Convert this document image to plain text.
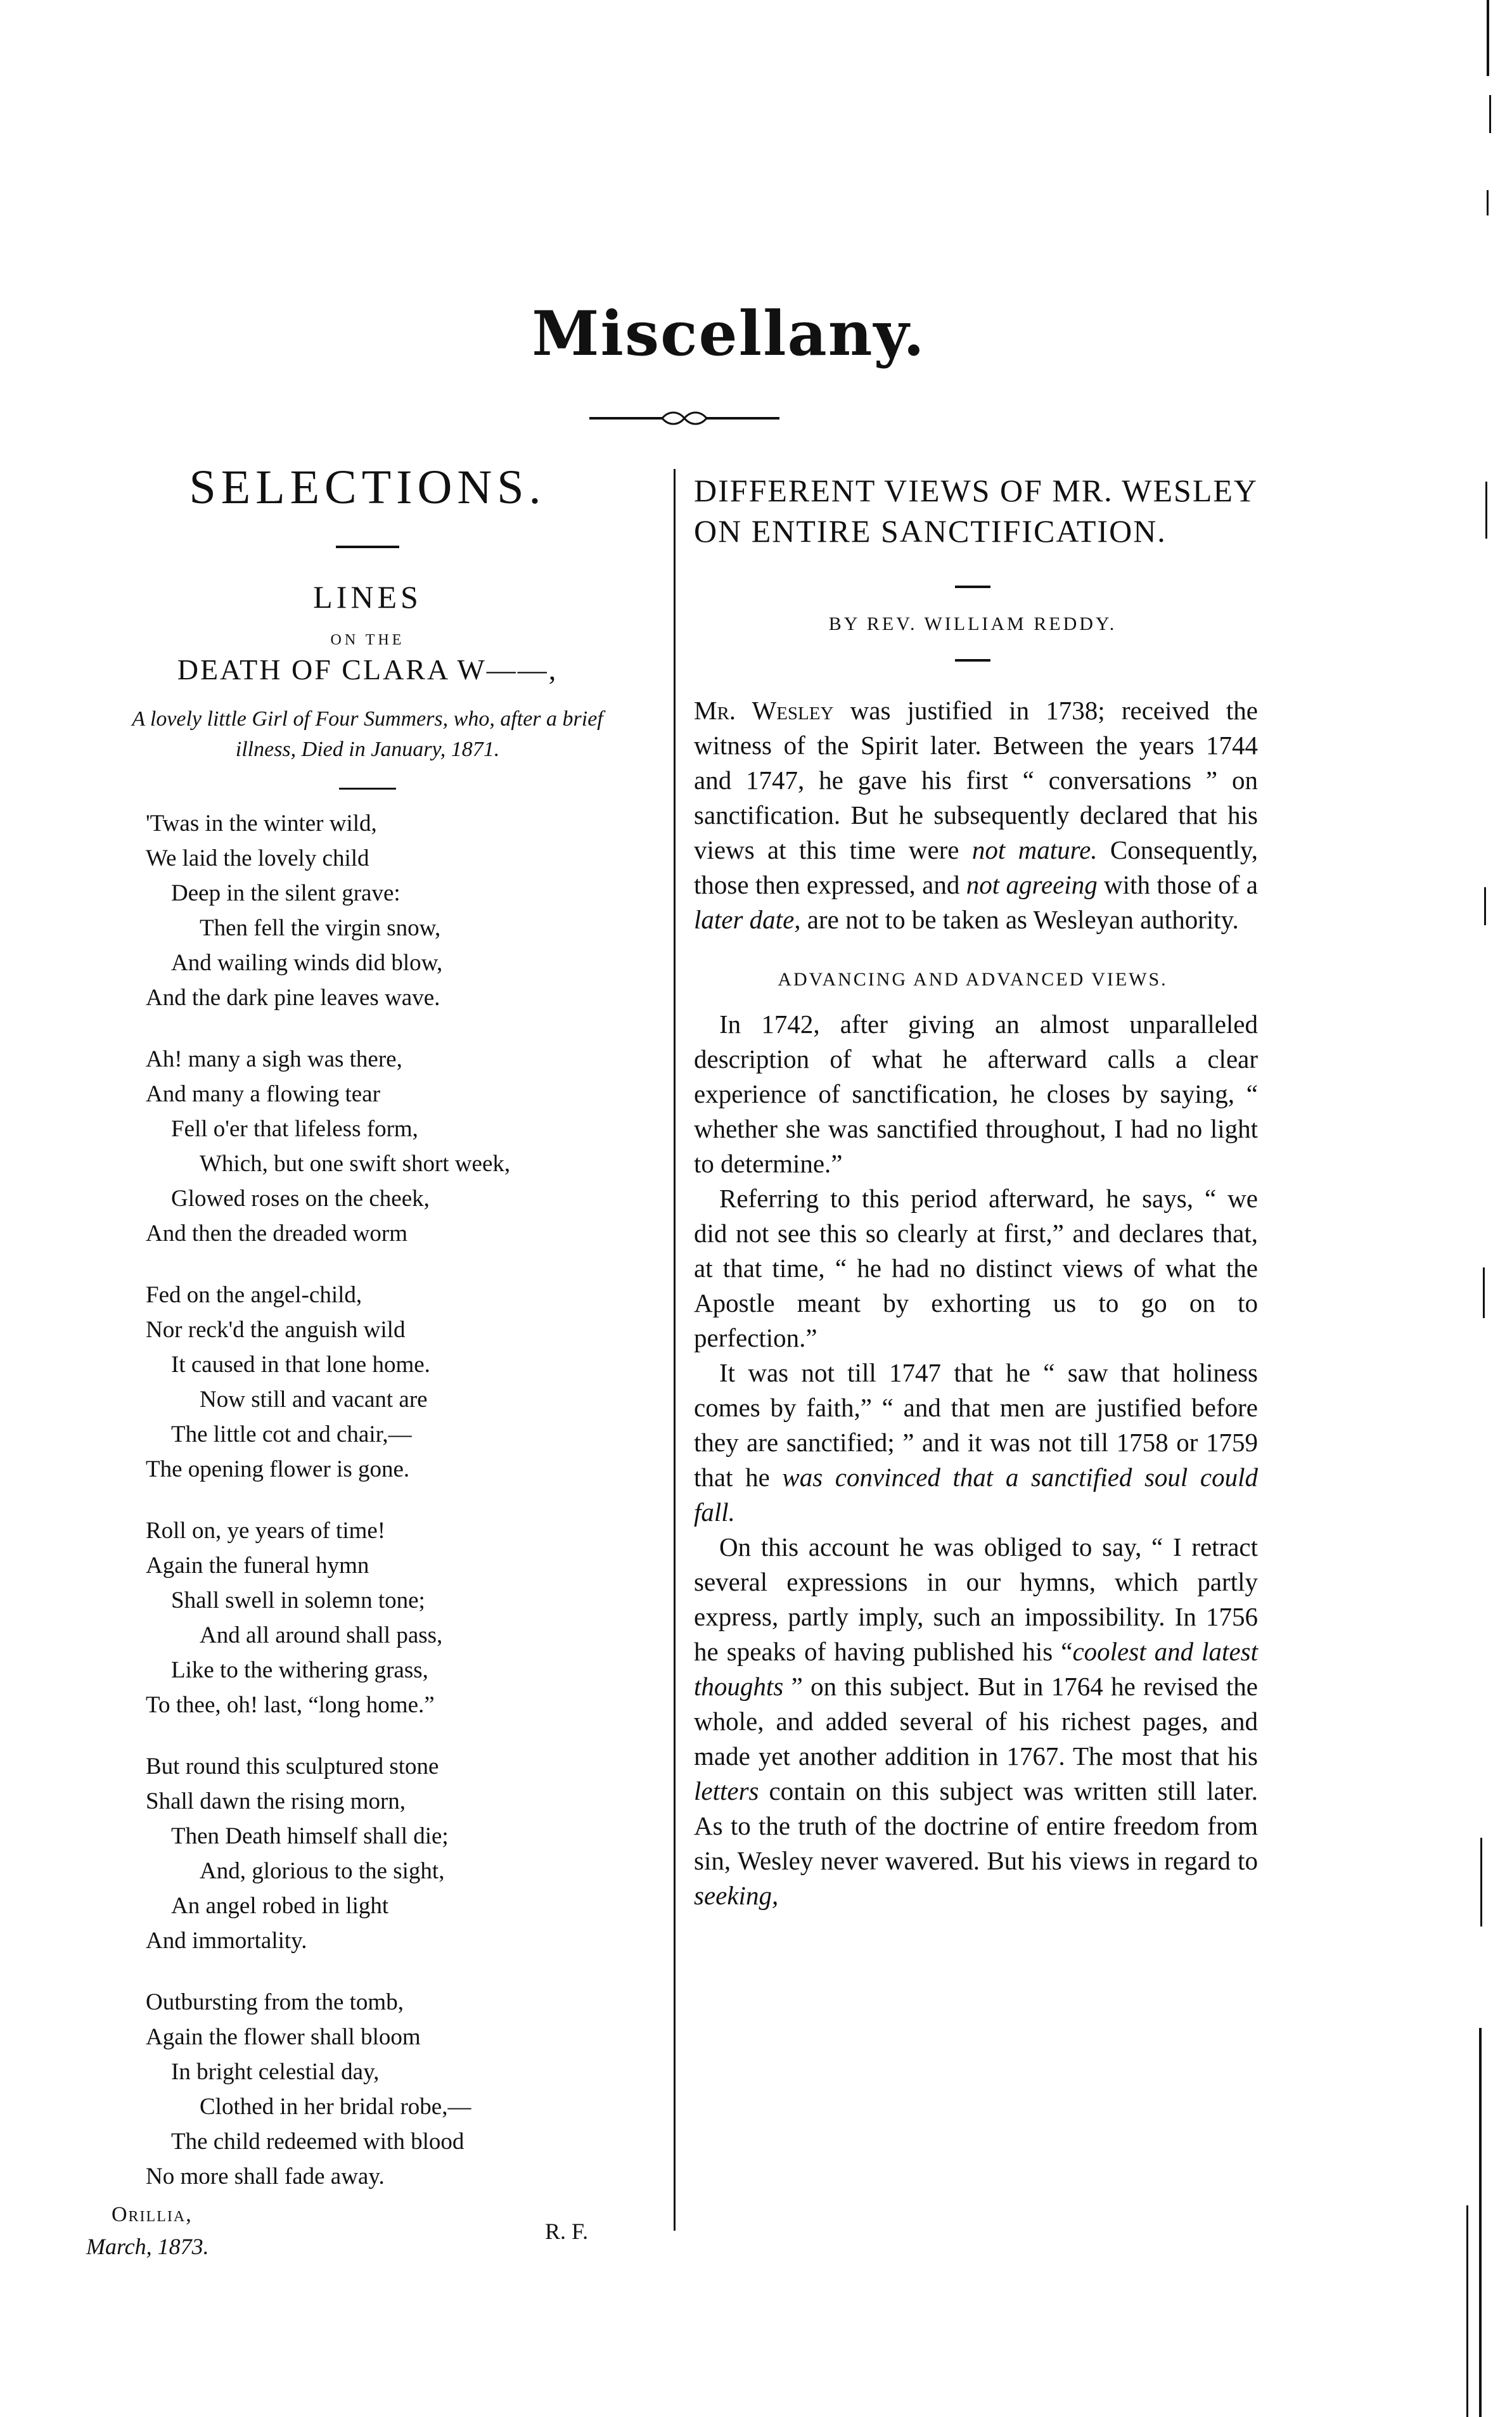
Miscellany.
SELECTIONS.
LINES
ON THE
DEATH OF CLARA W——,
A lovely little Girl of Four Summers, who, after a brief
illness, Died in January, 1871.
'Twas in the winter wild,
We laid the lovely child
Deep in the silent grave:
Then fell the virgin snow,
And wailing winds did blow,
And the dark pine leaves wave.
Ah! many a sigh was there,
And many a flowing tear
Fell o'er that lifeless form,
Which, but one swift short week,
Glowed roses on the cheek,
And then the dreaded worm
Fed on the angel-child,
Nor reck'd the anguish wild
It caused in that lone home.
Now still and vacant are
The little cot and chair,—
The opening flower is gone.
Roll on, ye years of time!
Again the funeral hymn
Shall swell in solemn tone;
And all around shall pass,
Like to the withering grass,
To thee, oh! last, “long home.”
But round this sculptured stone
Shall dawn the rising morn,
Then Death himself shall die;
And, glorious to the sight,
An angel robed in light
And immortality.
Outbursting from the tomb,
Again the flower shall bloom
In bright celestial day,
Clothed in her bridal robe,—
The child redeemed with blood
No more shall fade away.
Orillia,
March, 1873.
R. F.
DIFFERENT VIEWS OF MR. WESLEY ON ENTIRE SANCTIFICATION.
BY REV. WILLIAM REDDY.

Mr. Wesley was justified in 1738; received the witness of the Spirit later. Between the years 1744 and 1747, he gave his first “ conversations ” on sanctification. But he subsequently declared that his views at this time were not mature. Consequently, those then expressed, and not agreeing with those of a later date, are not to be taken as Wesleyan authority.

ADVANCING AND ADVANCED VIEWS.

In 1742, after giving an almost unparalleled description of what he afterward calls a clear experience of sanctification, he closes by saying, “ whether she was sanctified throughout, I had no light to determine.”

Referring to this period afterward, he says, “ we did not see this so clearly at first,” and declares that, at that time, “ he had no distinct views of what the Apostle meant by exhorting us to go on to perfection.”

It was not till 1747 that he “ saw that holiness comes by faith,” “ and that men are justified before they are sanctified; ” and it was not till 1758 or 1759 that he was convinced that a sanctified soul could fall.

On this account he was obliged to say, “ I retract several expressions in our hymns, which partly express, partly imply, such an impossibility. In 1756 he speaks of having published his “coolest and latest thoughts ” on this subject. But in 1764 he revised the whole, and added several of his richest pages, and made yet another addition in 1767. The most that his letters contain on this subject was written still later. As to the truth of the doctrine of entire freedom from sin, Wesley never wavered. But his views in regard to seeking,
